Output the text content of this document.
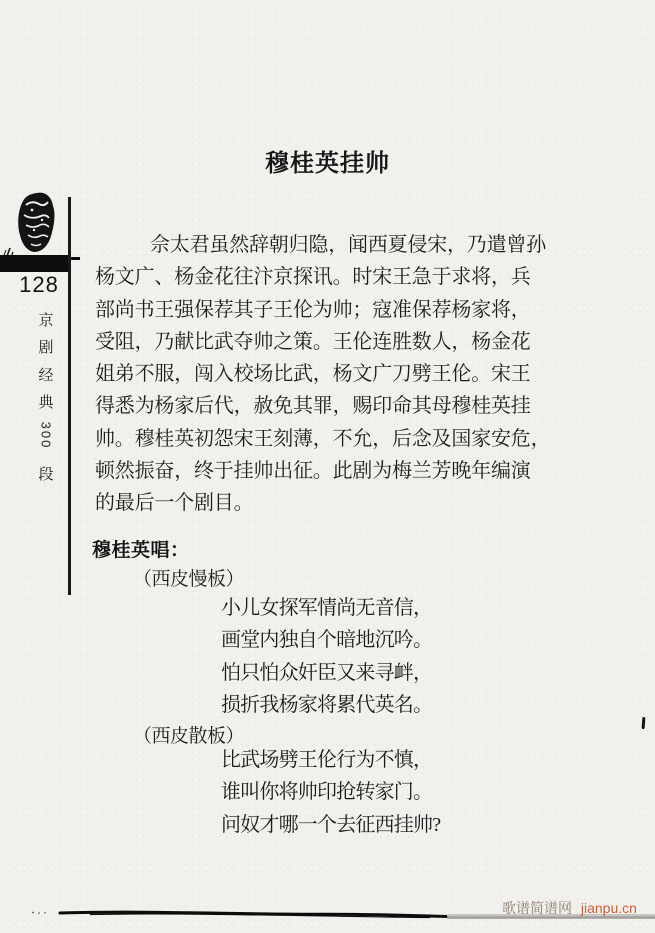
穆桂英挂帅
佘太君虽然辞朝归隐，闻西夏侵宋，乃遣曾孙
杨文广、杨金花往汴京探讯。时宋王急于求将，兵
部尚书王强保荐其子王伦为帅；寇准保荐杨家将，
受阻，乃献比武夺帅之策。王伦连胜数人，杨金花
姐弟不服，闯入校场比武，杨文广刀劈王伦。宋王
得悉为杨家后代，赦免其罪，赐印命其母穆桂英挂
帅。穆桂英初怨宋王刻薄，不允，后念及国家安危，
顿然振奋，终于挂帅出征。此剧为梅兰芳晚年编演
的最后一个剧目。
穆桂英唱：
（西皮慢板）
小儿女探军情尚无音信，
画堂内独自个暗地沉吟。
怕只怕众奸臣又来寻衅，
损折我杨家将累代英名。
（西皮散板）
比武场劈王伦行为不慎，
谁叫你将帅印抢转家门。
问奴才哪一个去征西挂帅?
128
京
剧
经
典
300
段
歌谱简谱网 jianpu.cn
